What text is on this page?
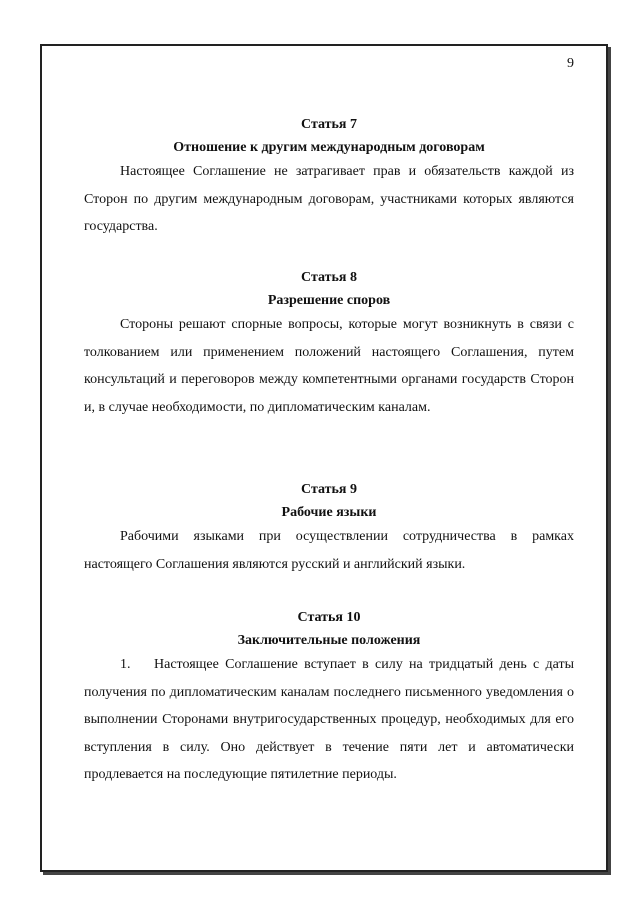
9

Статья 7

Отношение к другим международным договорам

Настоящее Соглашение не затрагивает прав и обязательств каждой из Сторон по другим международным договорам, участниками которых являются государства.

Статья 8

Разрешение споров

Стороны решают спорные вопросы, которые могут возникнуть в связи с толкованием или применением положений настоящего Соглашения, путем консультаций и переговоров между компетентными органами государств Сторон и, в случае необходимости, по дипломатическим каналам.

Статья 9

Рабочие языки

Рабочими языками при осуществлении сотрудничества в рамках настоящего Соглашения являются русский и английский языки.

Статья 10

Заключительные положения

1. Настоящее Соглашение вступает в силу на тридцатый день с даты получения по дипломатическим каналам последнего письменного уведомления о выполнении Сторонами внутригосударственных процедур, необходимых для его вступления в силу. Оно действует в течение пяти лет и автоматически продлевается на последующие пятилетние периоды.
